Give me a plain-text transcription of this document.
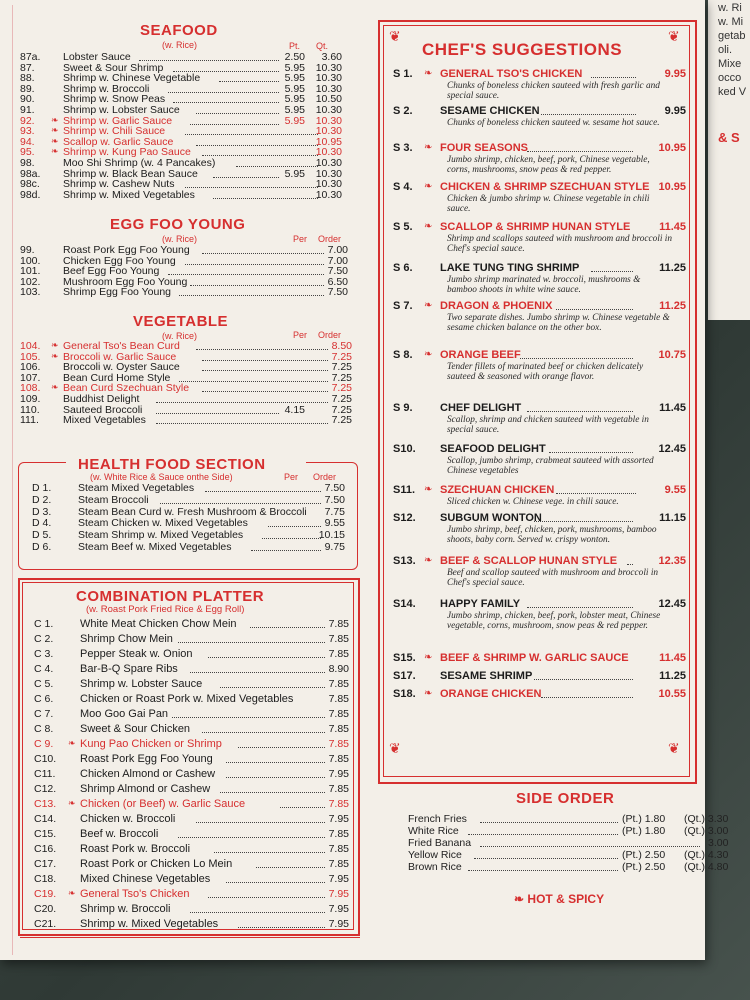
w. Ri
w. Mi
getab
oli.
Mixe
occo
ked V
& S
SEAFOOD
(w. Rice)	Pt. Qt.
EGG FOO YOUNG
(w. Rice)	Per Order
VEGETABLE
(w. Rice)	Per Order
HEALTH FOOD SECTION
(w. White Rice & Sauce onthe Side)	Per Order
COMBINATION PLATTER
(w. Roast Pork Fried Rice & Egg Roll)
❦	❦
❦	❦
CHEF'S SUGGESTIONS
SIDE ORDER
❧ HOT & SPICY
87a. Lobster Sauce	2.50 3.60
87.	Sweet & Sour Shrimp	5.95 10.30
88.	Shrimp w. Chinese Vegetable	5.95 10.30
89.	Shrimp w. Broccoli	5.95 10.30
90.	Shrimp w. Snow Peas	5.95 10.50
91.	Shrimp w. Lobster Sauce	5.95 10.30
92. ❧ Shrimp w. Garlic Sauce	5.95 10.30
93. ❧ Shrimp w. Chili Sauce	10.30
94. ❧ Scallop w. Garlic Sauce	10.95
95. ❧ Shrimp w. Kung Pao Sauce	10.30
98.	Moo Shi Shrimp (w. 4 Pancakes)	10.30
98a. Shrimp w. Black Bean Sauce	5.95 10.30
98c. Shrimp w. Cashew Nuts	10.30
98d. Shrimp w. Mixed Vegetables	10.30
99.	Roast Pork Egg Foo Young	7.00
100. Chicken Egg Foo Young	7.00
101. Beef Egg Foo Young	7.50
102. Mushroom Egg Foo Young	6.50
103. Shrimp Egg Foo Young	7.50
104. ❧ General Tso's Bean Curd	8.50
105. ❧ Broccoli w. Garlic Sauce	7.25
106. Broccoli w. Oyster Sauce	7.25
107. Bean Curd Home Style	7.25
108. ❧ Bean Curd Szechuan Style	7.25
109. Buddhist Delight	7.25
110. Sauteed Broccoli	4.15	7.25
111. Mixed Vegetables	7.25
D 1.	Steam Mixed Vegetables	7.50
D 2.	Steam Broccoli	7.50
D 3.	Steam Bean Curd w. Fresh Mushroom & Broccoli 7.75
D 4.	Steam Chicken w. Mixed Vegetables	9.55
D 5.	Steam Shrimp w. Mixed Vegetables	10.15
D 6.	Steam Beef w. Mixed Vegetables	9.75
C 1. White Meat Chicken Chow Mein	7.85
C 2. Shrimp Chow Mein	7.85
C 3. Pepper Steak w. Onion	7.85
C 4. Bar-B-Q Spare Ribs	8.90
C 5. Shrimp w. Lobster Sauce	7.85
C 6. Chicken or Roast Pork w. Mixed Vegetables	7.85
C 7. Moo Goo Gai Pan	7.85
C 8. Sweet & Sour Chicken	7.85
C 9. ❧ Kung Pao Chicken or Shrimp	7.85
C10. Roast Pork Egg Foo Young	7.85
C11. Chicken Almond or Cashew	7.95
C12. Shrimp Almond or Cashew	7.85
C13. ❧ Chicken (or Beef) w. Garlic Sauce	7.85
C14. Chicken w. Broccoli	7.95
C15. Beef w. Broccoli	7.85
C16. Roast Pork w. Broccoli	7.85
C17. Roast Pork or Chicken Lo Mein	7.85
C18. Mixed Chinese Vegetables	7.95
C19. ❧ General Tso's Chicken	7.95
C20. Shrimp w. Broccoli	7.95
C21. Shrimp w. Mixed Vegetables	7.95
S 1. ❧ GENERAL TSO'S CHICKEN	9.95
Chunks of boneless chicken sauteed with fresh garlic and special sauce.
S 2. SESAME CHICKEN	9.95
Chunks of boneless chicken sauteed w. sesame hot sauce.
S 3. ❧ FOUR SEASONS	10.95
Jumbo shrimp, chicken, beef, pork, Chinese vegetable, corns, mushrooms, snow peas & red pepper.
S 4. ❧ CHICKEN & SHRIMP SZECHUAN STYLE 10.95
Chicken & jumbo shrimp w. Chinese vegetable in chili sauce.
S 5. ❧ SCALLOP & SHRIMP HUNAN STYLE	11.45
Shrimp and scallops sauteed with mushroom and broccoli in Chef's special sauce.
S 6. LAKE TUNG TING SHRIMP	11.25
Jumbo shrimp marinated w. broccoli, mushrooms & bamboo shoots in white wine sauce.
S 7. ❧ DRAGON & PHOENIX	11.25
Two separate dishes. Jumbo shrimp w. Chinese vegetable & sesame chicken balance on the other box.
S 8. ❧ ORANGE BEEF	10.75
Tender fillets of marinated beef or chicken delicately sauteed & seasoned with orange flavor.
S 9. CHEF DELIGHT	11.45
Scallop, shrimp and chicken sauteed with vegetable in special sauce.
S10. SEAFOOD DELIGHT	12.45
Scallop, jumbo shrimp, crabmeat sauteed with assorted Chinese vegetables
S11. ❧ SZECHUAN CHICKEN	9.55
Sliced chicken w. Chinese vege. in chili sauce.
S12. SUBGUM WONTON	11.15
Jumbo shrimp, beef, chicken, pork, mushrooms, bamboo shoots, baby corn. Served w. crispy wonton.
S13. ❧ BEEF & SCALLOP HUNAN STYLE	12.35
Beef and scallop sauteed with mushroom and broccoli in Chef's special sauce.
S14. HAPPY FAMILY	12.45
Jumbo shrimp, chicken, beef, pork, lobster meat, Chinese vegetable, corns, mushroom, snow peas & red pepper.
S15. ❧ BEEF & SHRIMP W. GARLIC SAUCE	11.45
S17. SESAME SHRIMP	11.25
S18. ❧ ORANGE CHICKEN	10.55
French Fries	(Pt.) 1.80 (Qt.) 3.30
White Rice	(Pt.) 1.80 (Qt.) 3.00
Fried Banana	3.00
Yellow Rice	(Pt.) 2.50 (Qt.) 4.30
Brown Rice	(Pt.) 2.50 (Qt.) 4.80
